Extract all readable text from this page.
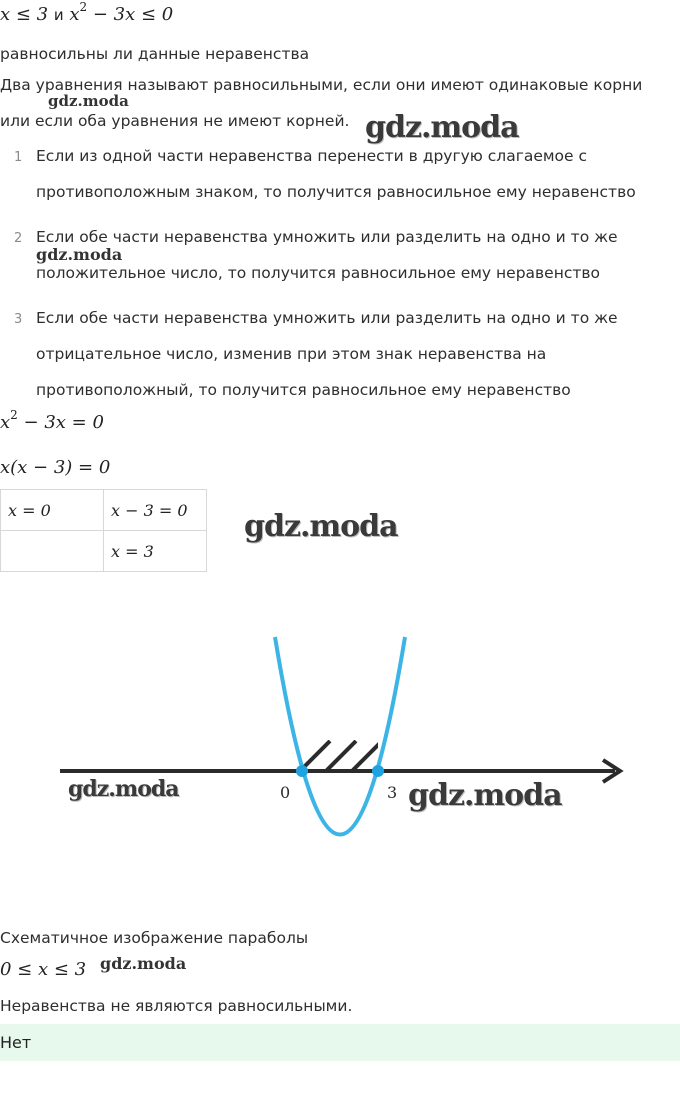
x ≤ 3 и $x^2 - 3x \le 0$
равносильны ли данные неравенства
Два уравнения называют равносильными, если они имеют одинаковые корни
или если оба уравнения не имеют корней.
1 Если из одной части неравенства перенести в другую слагаемое с
противоположным знаком, то получится равносильное ему неравенство
2 Если обе части неравенства умножить или разделить на одно и то же
положительное число, то получится равносильное ему неравенство
3 Если обе части неравенства умножить или разделить на одно и то же
отрицательное число, изменив при этом знак неравенства на
противоположный, то получится равносильное ему неравенство
$x^2 - 3x = 0$
x(x − 3) = 0
x = 0	x − 3 = 0
	x = 3
0	3
Схематичное изображение параболы
0 ≤ x ≤ 3
Неравенства не являются равносильными.
Нет
gdz.moda
gdz.moda
gdz.moda
gdz.moda
gdz.moda	gdz.moda
gdz.moda
